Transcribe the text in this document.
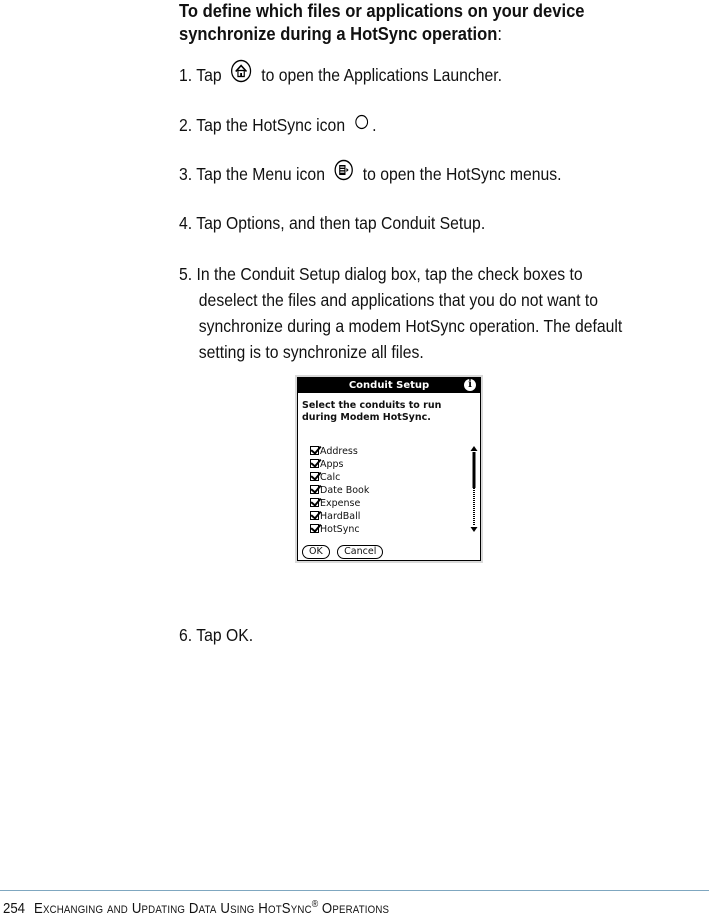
To define which files or applications on your device synchronize during a HotSync operation:
1. Tap to open the Applications Launcher.
2. Tap the HotSync icon .
3. Tap the Menu icon to open the HotSync menus.
4. Tap Options, and then tap Conduit Setup.
5. In the Conduit Setup dialog box, tap the check boxes to
deselect the files and applications that you do not want to
synchronize during a modem HotSync operation. The default
setting is to synchronize all files.
Conduit Setup	i
Select the conduits to run during Modem HotSync.
Address
Apps
Calc
Date Book
Expense
HardBall
HotSync
OK Cancel
6. Tap OK.
254 Exchanging and Updating Data Using HotSync® Operations
